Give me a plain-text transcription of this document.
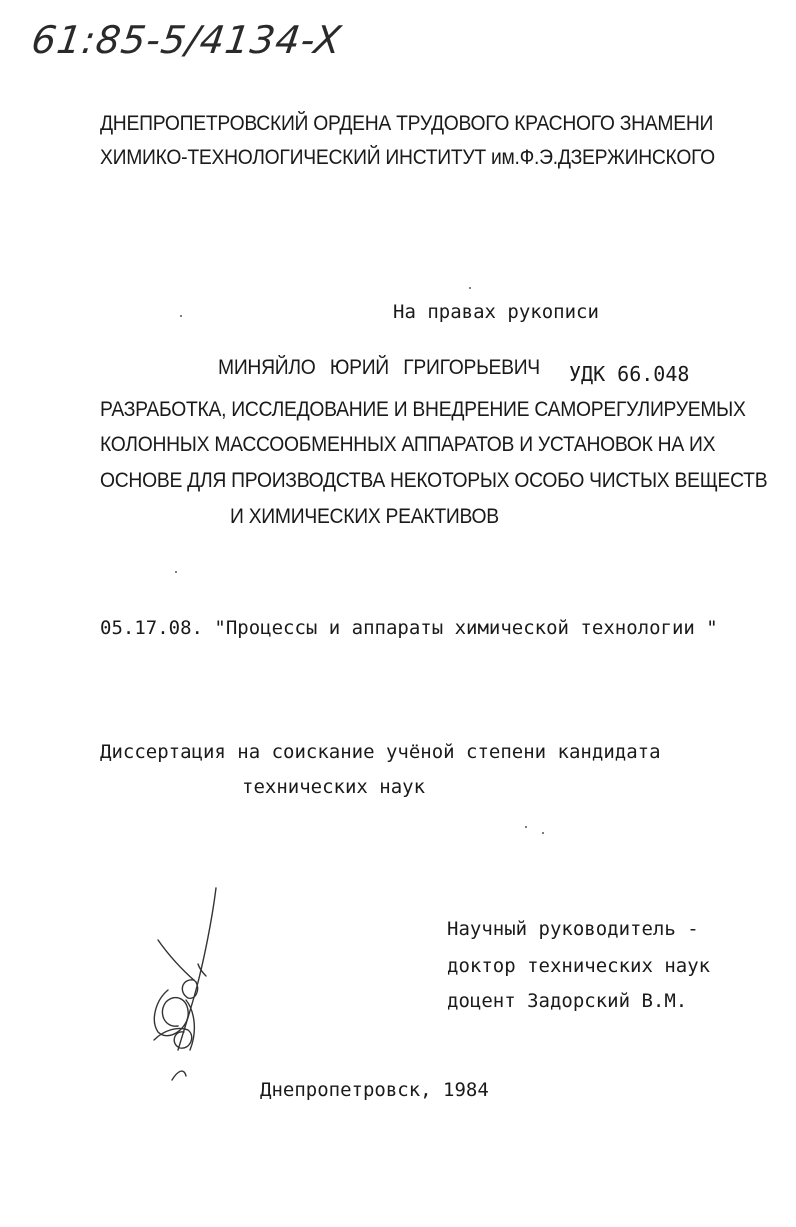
61:85-5/4134-X
ДНЕПРОПЕТРОВСКИЙ ОРДЕНА ТРУДОВОГО КРАСНОГО ЗНАМЕНИ
ХИМИКО-ТЕХНОЛОГИЧЕСКИЙ ИНСТИТУТ им.Ф.Э.ДЗЕРЖИНСКОГО
На правах рукописи
МИНЯЙЛО ЮРИЙ ГРИГОРЬЕВИЧ УДК 66.048
РАЗРАБОТКА, ИССЛЕДОВАНИЕ И ВНЕДРЕНИЕ САМОРЕГУЛИРУЕМЫХ
КОЛОННЫХ МАССООБМЕННЫХ АППАРАТОВ И УСТАНОВОК НА ИХ
ОСНОВЕ ДЛЯ ПРОИЗВОДСТВА НЕКОТОРЫХ ОСОБО ЧИСТЫХ ВЕЩЕСТВ
И ХИМИЧЕСКИХ РЕАКТИВОВ
05.17.08. "Процессы и аппараты химической технологии "
Диссертация на соискание учёной степени кандидата
технических наук
Научный руководитель -
доктор технических наук
доцент Задорский В.М.
Днепропетровск, 1984
